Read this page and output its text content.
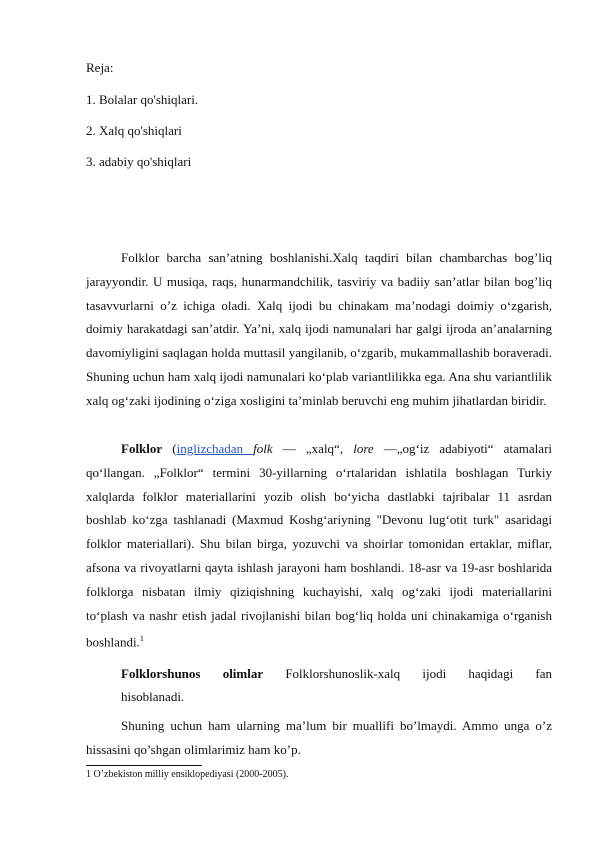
Reja:
1. Bolalar qo'shiqlari.
2. Xalq qo'shiqlari
3. adabiy qo'shiqlari

Folklor barcha san’atning boshlanishi.Xalq taqdiri bilan chambarchas bog’liq jarayyondir. U musiqa, raqs, hunarmandchilik, tasviriy va badiiy san’atlar bilan bog’liq tasavvurlarni o’z ichiga oladi. Xalq ijodi bu chinakam ma’nodagi doimiy o‘zgarish, doimiy harakatdagi san’atdir. Ya’ni, xalq ijodi namunalari har galgi ijroda an’analarning davomiyligini saqlagan holda muttasil yangilanib, o‘zgarib, mukammallashib boraveradi. Shuning uchun ham xalq ijodi namunalari ko‘plab variantlilikka ega. Ana shu variantlilik xalq og‘zaki ijodining o‘ziga xosligini ta’minlab beruvchi eng muhim jihatlardan biridir.

Folklor (inglizchadan folk — „xalq“, lore —„og‘iz adabiyoti“ atamalari qo‘llangan. „Folklor“ termini 30-yillarning o‘rtalaridan ishlatila boshlagan Turkiy xalqlarda folklor materiallarini yozib olish bo‘yicha dastlabki tajribalar 11 asrdan boshlab ko‘zga tashlanadi (Maxmud Koshg‘ariyning "Devonu lug‘otit turk" asaridagi folklor materiallari). Shu bilan birga, yozuvchi va shoirlar tomonidan ertaklar, miflar, afsona va rivoyatlarni qayta ishlash jarayoni ham boshlandi. 18-asr va 19-asr boshlarida folklorga nisbatan ilmiy qiziqishning kuchayishi, xalq og‘zaki ijodi materiallarini to‘plash va nashr etish jadal rivojlanishi bilan bog‘liq holda uni chinakamiga o‘rganish boshlandi.$^1$

Folklorshunos olimlar Folklorshunoslik-xalq ijodi haqidagi fan
hisoblanadi.

Shuning uchun ham ularning ma’lum bir muallifi bo’lmaydi. Ammo unga o’z hissasini qo’shgan olimlarimiz ham ko’p.

1 O’zbekiston milliy ensiklopediyasi (2000-2005).
